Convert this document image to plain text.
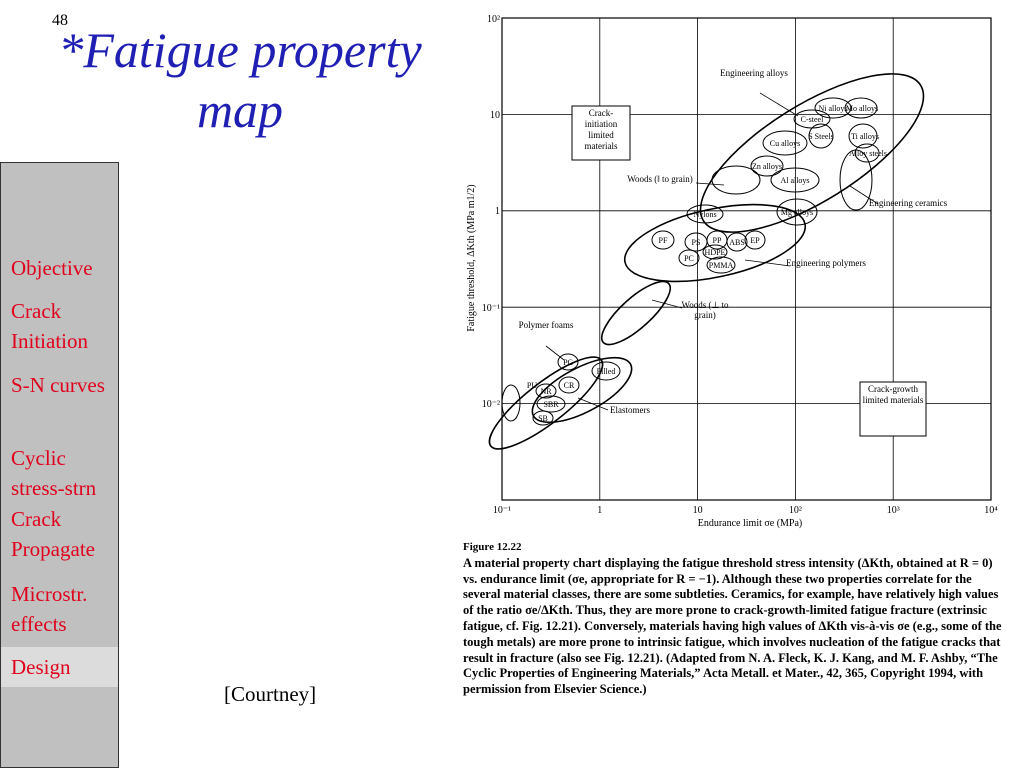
48
*Fatigue property map
Objective
Crack Initiation
S-N curves
Cyclic stress-strn
Crack Propagate
Microstr. effects
Design
[Courtney]
10⁻¹	1	10	10²	10³	10⁴
10²
10
1
10⁻¹
10⁻²
Endurance limit σe (MPa)
Fatigue threshold, ΔKth (MPa m1/2)
Ni alloys
C-steel
Mo alloys
S Steels Ti alloys
Alloy steels
Cu alloys
Zn alloys
Al alloys
Mg alloys
Nylons
PF	PS PP ABS EP
PC
HDPE
PMMA
PU
NR
CR
SBR
SB
Filled
PC
Engineering alloys
Engineering ceramics
Engineering polymers
Woods (‖ to grain)
Woods (⊥ to grain)
Polymer foams
Elastomers
Crack-initiation limited materials
Crack-growth limited materials
Figure 12.22
A material property chart displaying the fatigue threshold stress intensity (ΔKth, obtained at R = 0) vs. endurance limit (σe, appropriate for R = −1). Although these two properties correlate for the several material classes, there are some subtleties. Ceramics, for example, have relatively high values of the ratio σe/ΔKth. Thus, they are more prone to crack-growth-limited fatigue fracture (extrinsic fatigue, cf. Fig. 12.21). Conversely, materials having high values of ΔKth vis-à-vis σe (e.g., some of the tough metals) are more prone to intrinsic fatigue, which involves nucleation of the fatigue cracks that result in fracture (also see Fig. 12.21). (Adapted from N. A. Fleck, K. J. Kang, and M. F. Ashby, “The Cyclic Properties of Engineering Materials,” Acta Metall. et Mater., 42, 365, Copyright 1994, with permission from Elsevier Science.)
